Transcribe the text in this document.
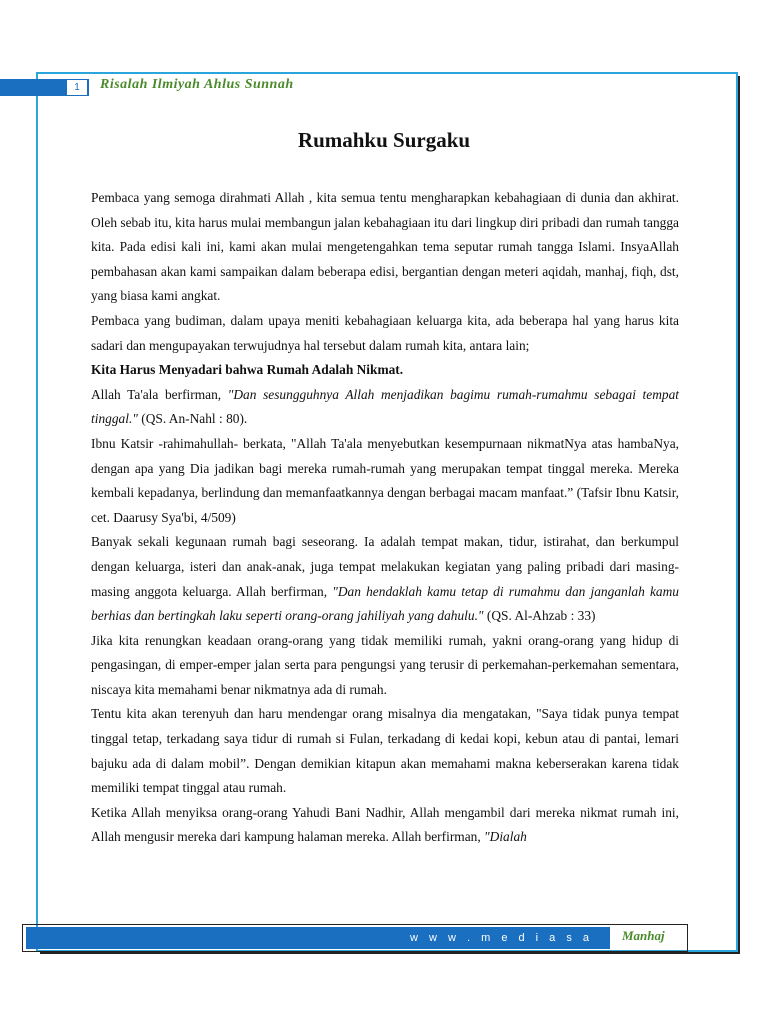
1	Risalah Ilmiyah Ahlus Sunnah
Rumahku Surgaku

Pembaca yang semoga dirahmati Allah , kita semua tentu mengharapkan kebahagiaan di dunia dan akhirat. Oleh sebab itu, kita harus mulai membangun jalan kebahagiaan itu dari lingkup diri pribadi dan rumah tangga kita. Pada edisi kali ini, kami akan mulai mengetengahkan tema seputar rumah tangga Islami. InsyaAllah pembahasan akan kami sampaikan dalam beberapa edisi, bergantian dengan meteri aqidah, manhaj, fiqh, dst, yang biasa kami angkat.

Pembaca yang budiman, dalam upaya meniti kebahagiaan keluarga kita, ada beberapa hal yang harus kita sadari dan mengupayakan terwujudnya hal tersebut dalam rumah kita, antara lain;

Kita Harus Menyadari bahwa Rumah Adalah Nikmat.

Allah Ta'ala berfirman, "Dan sesungguhnya Allah menjadikan bagimu rumah-rumahmu sebagai tempat tinggal." (QS. An-Nahl : 80).

Ibnu Katsir -rahimahullah- berkata, "Allah Ta'ala menyebutkan kesempurnaan nikmatNya atas hambaNya, dengan apa yang Dia jadikan bagi mereka rumah-rumah yang merupakan tempat tinggal mereka. Mereka kembali kepadanya, berlindung dan memanfaatkannya dengan berbagai macam manfaat.” (Tafsir Ibnu Katsir, cet. Daarusy Sya'bi, 4/509)

Banyak sekali kegunaan rumah bagi seseorang. Ia adalah tempat makan, tidur, istirahat, dan berkumpul dengan keluarga, isteri dan anak-anak, juga tempat melakukan kegiatan yang paling pribadi dari masing-masing anggota keluarga. Allah berfirman, "Dan hendaklah kamu tetap di rumahmu dan janganlah kamu berhias dan bertingkah laku seperti orang-orang jahiliyah yang dahulu." (QS. Al-Ahzab : 33)

Jika kita renungkan keadaan orang-orang yang tidak memiliki rumah, yakni orang-orang yang hidup di pengasingan, di emper-emper jalan serta para pengungsi yang terusir di perkemahan-perkemahan sementara, niscaya kita memahami benar nikmatnya ada di rumah.

Tentu kita akan terenyuh dan haru mendengar orang misalnya dia mengatakan, "Saya tidak punya tempat tinggal tetap, terkadang saya tidur di rumah si Fulan, terkadang di kedai kopi, kebun atau di pantai, lemari bajuku ada di dalam mobil”. Dengan demikian kitapun akan memahami makna keberserakan karena tidak memiliki tempat tinggal atau rumah.

Ketika Allah menyiksa orang-orang Yahudi Bani Nadhir, Allah mengambil dari mereka nikmat rumah ini, Allah mengusir mereka dari kampung halaman mereka. Allah berfirman, "Dialah

w w w . m e d i a s a l a f . c o m
Manhaj
